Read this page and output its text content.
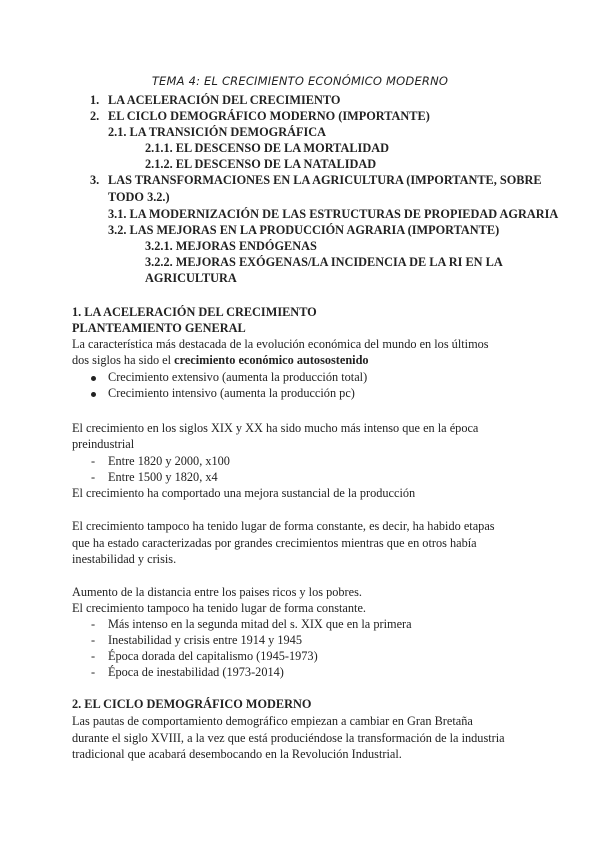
TEMA 4: EL CRECIMIENTO ECONÓMICO MODERNO
1. LA ACELERACIÓN DEL CRECIMIENTO
2. EL CICLO DEMOGRÁFICO MODERNO (IMPORTANTE)
2.1. LA TRANSICIÓN DEMOGRÁFICA
2.1.1. EL DESCENSO DE LA MORTALIDAD
2.1.2. EL DESCENSO DE LA NATALIDAD
3. LAS TRANSFORMACIONES EN LA AGRICULTURA (IMPORTANTE, SOBRE
TODO 3.2.)
3.1. LA MODERNIZACIÓN DE LAS ESTRUCTURAS DE PROPIEDAD AGRARIA
3.2. LAS MEJORAS EN LA PRODUCCIÓN AGRARIA (IMPORTANTE)
3.2.1. MEJORAS ENDÓGENAS
3.2.2. MEJORAS EXÓGENAS/LA INCIDENCIA DE LA RI EN LA
AGRICULTURA
1. LA ACELERACIÓN DEL CRECIMIENTO
PLANTEAMIENTO GENERAL
La característica más destacada de la evolución económica del mundo en los últimos
dos siglos ha sido el crecimiento económico autosostenido
Crecimiento extensivo (aumenta la producción total)
Crecimiento intensivo (aumenta la producción pc)
El crecimiento en los siglos XIX y XX ha sido mucho más intenso que en la época
preindustrial
- Entre 1820 y 2000, x100
- Entre 1500 y 1820, x4
El crecimiento ha comportado una mejora sustancial de la producción
El crecimiento tampoco ha tenido lugar de forma constante, es decir, ha habido etapas
que ha estado caracterizadas por grandes crecimientos mientras que en otros había
inestabilidad y crisis.
Aumento de la distancia entre los paises ricos y los pobres.
El crecimiento tampoco ha tenido lugar de forma constante.
- Más intenso en la segunda mitad del s. XIX que en la primera
- Inestabilidad y crisis entre 1914 y 1945
- Época dorada del capitalismo (1945-1973)
- Época de inestabilidad (1973-2014)
2. EL CICLO DEMOGRÁFICO MODERNO
Las pautas de comportamiento demográfico empiezan a cambiar en Gran Bretaña
durante el siglo XVIII, a la vez que está produciéndose la transformación de la industria
tradicional que acabará desembocando en la Revolución Industrial.
